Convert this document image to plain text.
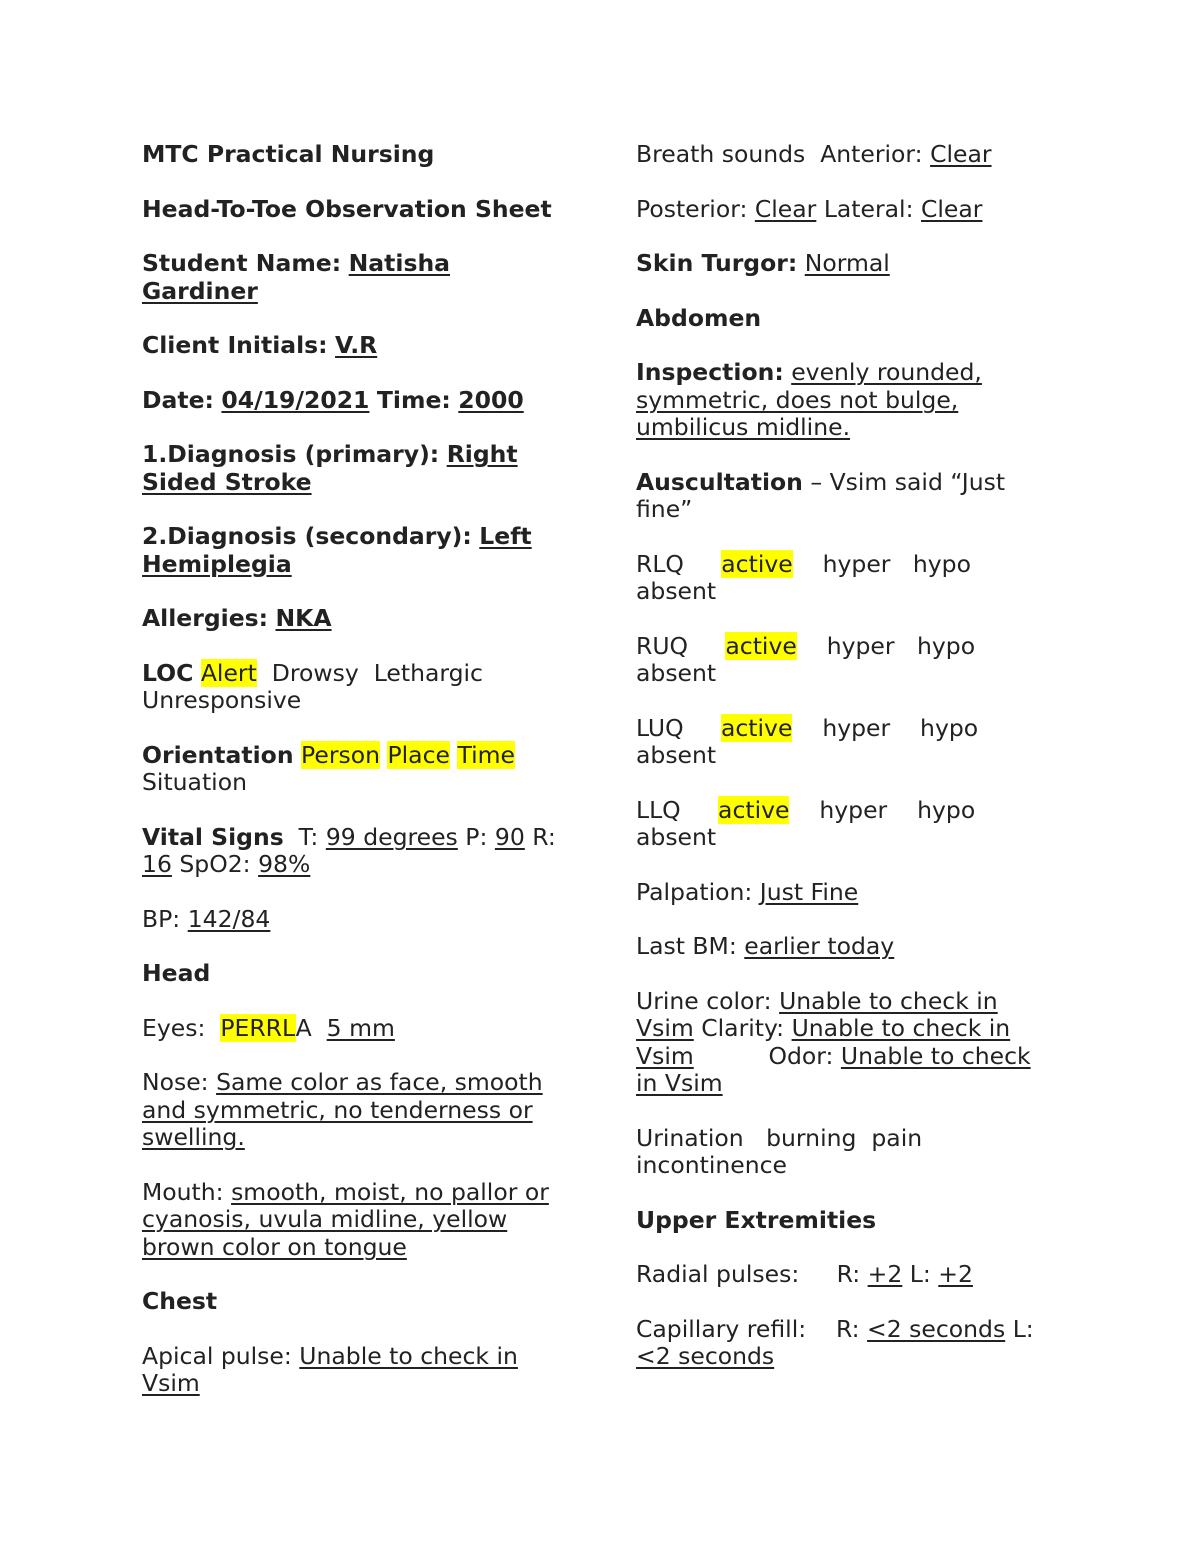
MTC Practical Nursing

Head-To-Toe Observation Sheet

Student Name: Natisha
Gardiner

Client Initials: V.R

Date: 04/19/2021 Time: 2000

1.Diagnosis (primary): Right
Sided Stroke

2.Diagnosis (secondary): Left
Hemiplegia

Allergies: NKA

LOC Alert Drowsy Lethargic
Unresponsive

Orientation Person Place Time
Situation

Vital Signs T: 99 degrees P: 90 R:
16 SpO2: 98%

BP: 142/84

Head

Eyes: PERRLA 5 mm

Nose: Same color as face, smooth
and symmetric, no tenderness or
swelling.

Mouth: smooth, moist, no pallor or
cyanosis, uvula midline, yellow
brown color on tongue

Chest

Apical pulse: Unable to check in
Vsim

Breath sounds  Anterior: Clear

Posterior: Clear Lateral: Clear

Skin Turgor: Normal

Abdomen

Inspection: evenly rounded,
symmetric, does not bulge,
umbilicus midline.

Auscultation – Vsim said “Just
fine”

RLQ active hyper hypo
absent

RUQ active hyper hypo
absent

LUQ active hyper hypo
absent

LLQ active hyper hypo
absent

Palpation: Just Fine

Last BM: earlier today

Urine color: Unable to check in
Vsim Clarity: Unable to check in
Vsim	Odor: Unable to check
in Vsim

Urination burning pain
incontinence

Upper Extremities

Radial pulses: R: +2 L: +2

Capillary refill: R: <2 seconds L:
<2 seconds
